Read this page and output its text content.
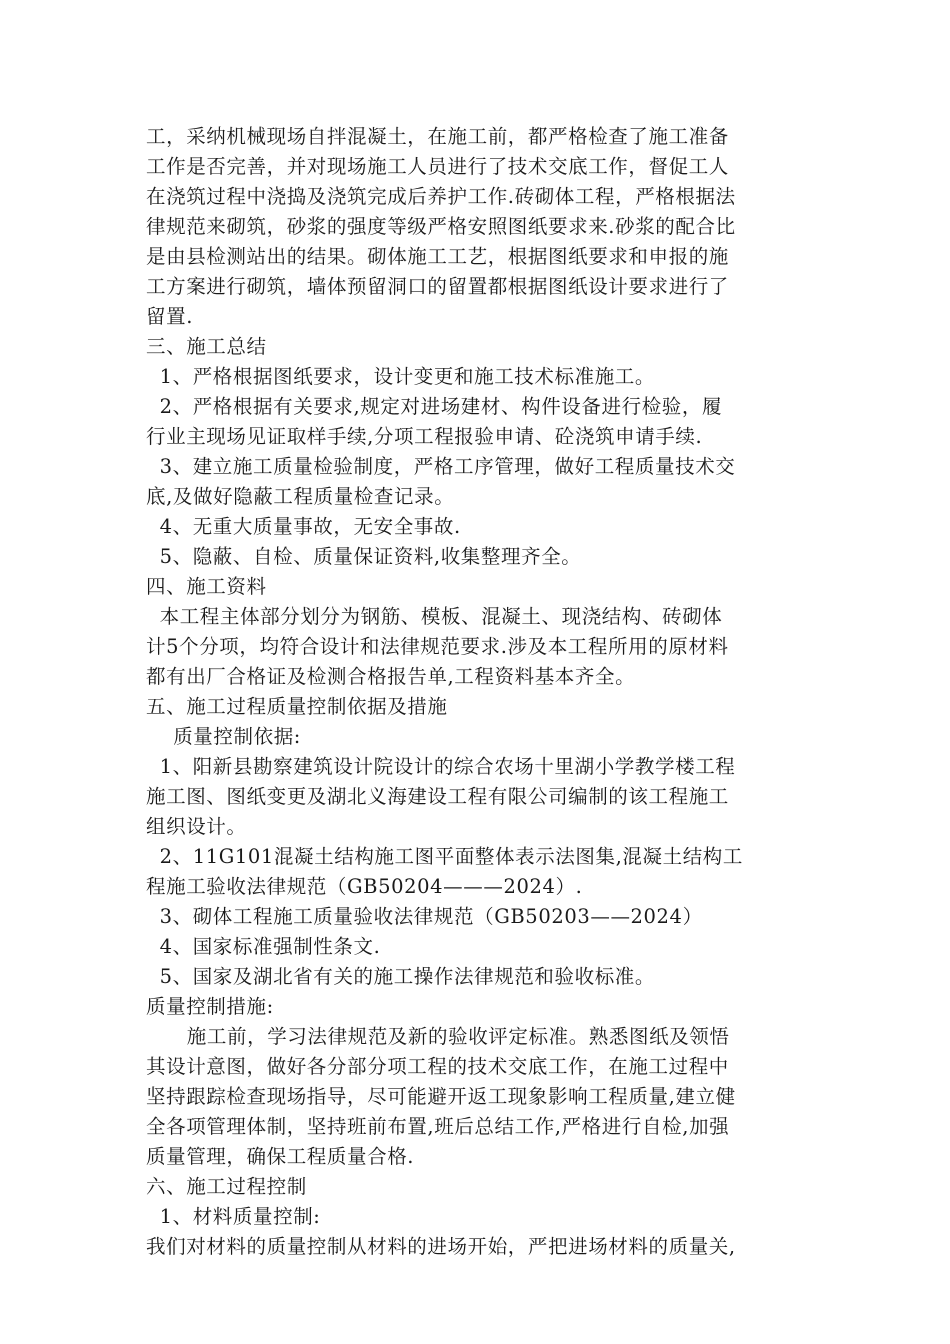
工，采纳机械现场自拌混凝土，在施工前，都严格检查了施工准备
工作是否完善，并对现场施工人员进行了技术交底工作，督促工人
在浇筑过程中浇捣及浇筑完成后养护工作.砖砌体工程，严格根据法
律规范来砌筑，砂浆的强度等级严格安照图纸要求来.砂浆的配合比
是由县检测站出的结果。砌体施工工艺，根据图纸要求和申报的施
工方案进行砌筑，墙体预留洞口的留置都根据图纸设计要求进行了
留置.
三、施工总结
1、严格根据图纸要求，设计变更和施工技术标准施工。
2、严格根据有关要求,规定对进场建材、构件设备进行检验，履
行业主现场见证取样手续,分项工程报验申请、砼浇筑申请手续.
3、建立施工质量检验制度，严格工序管理，做好工程质量技术交
底,及做好隐蔽工程质量检查记录。
4、无重大质量事故，无安全事故.
5、隐蔽、自检、质量保证资料,收集整理齐全。
四、施工资料
本工程主体部分划分为钢筋、模板、混凝土、现浇结构、砖砌体
计5个分项，均符合设计和法律规范要求.涉及本工程所用的原材料
都有出厂合格证及检测合格报告单,工程资料基本齐全。
五、施工过程质量控制依据及措施
质量控制依据:
1、阳新县勘察建筑设计院设计的综合农场十里湖小学教学楼工程
施工图、图纸变更及湖北义海建设工程有限公司编制的该工程施工
组织设计。
2、11G101混凝土结构施工图平面整体表示法图集,混凝土结构工
程施工验收法律规范（GB50204———2024）.
3、砌体工程施工质量验收法律规范（GB50203——2024）
4、国家标准强制性条文.
5、国家及湖北省有关的施工操作法律规范和验收标准。
质量控制措施:
施工前，学习法律规范及新的验收评定标准。熟悉图纸及领悟
其设计意图，做好各分部分项工程的技术交底工作，在施工过程中
坚持跟踪检查现场指导，尽可能避开返工现象影响工程质量,建立健
全各项管理体制，坚持班前布置,班后总结工作,严格进行自检,加强
质量管理，确保工程质量合格.
六、施工过程控制
1、材料质量控制:
我们对材料的质量控制从材料的进场开始，严把进场材料的质量关,
